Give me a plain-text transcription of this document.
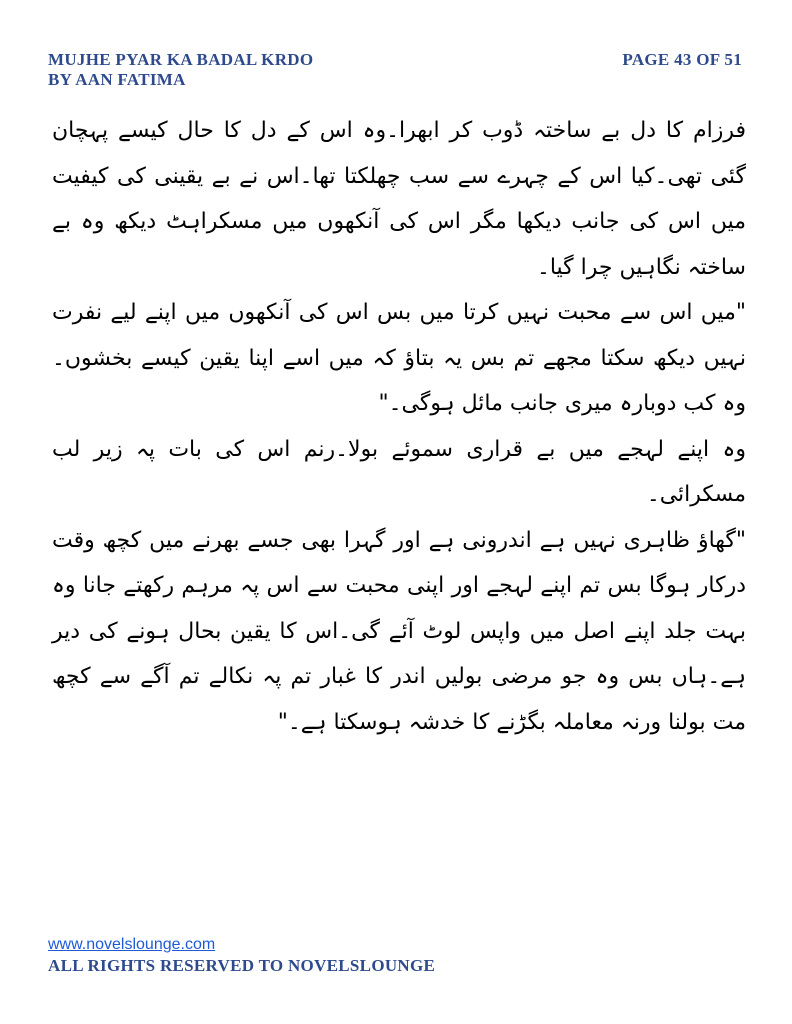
MUJHE PYAR KA BADAL KRDO
BY AAN FATIMA
PAGE 43 OF 51

فرزام کا دل بے ساختہ ڈوب کر ابھرا۔وہ اس کے دل کا حال کیسے پہچان گئی تھی۔کیا اس کے چہرے سے سب چھلکتا تھا۔اس نے بے یقینی کی کیفیت میں اس کی جانب دیکھا مگر اس کی آنکھوں میں مسکراہٹ دیکھ وہ بے ساختہ نگاہیں چرا گیا۔

"میں اس سے محبت نہیں کرتا میں بس اس کی آنکھوں میں اپنے لیے نفرت نہیں دیکھ سکتا مجھے تم بس یہ بتاؤ کہ میں اسے اپنا یقین کیسے بخشوں۔وہ کب دوبارہ میری جانب مائل ہوگی۔"

وہ اپنے لہجے میں بے قراری سموئے بولا۔رنم اس کی بات پہ زیر لب مسکرائی۔

"گھاؤ ظاہری نہیں ہے اندرونی ہے اور گہرا بھی جسے بھرنے میں کچھ وقت درکار ہوگا بس تم اپنے لہجے اور اپنی محبت سے اس پہ مرہم رکھتے جانا وہ بہت جلد اپنے اصل میں واپس لوٹ آئے گی۔اس کا یقین بحال ہونے کی دیر ہے۔ہاں بس وہ جو مرضی بولیں اندر کا غبار تم پہ نکالے تم آگے سے کچھ مت بولنا ورنہ معاملہ بگڑنے کا خدشہ ہوسکتا ہے۔"

www.novelslounge.com
ALL RIGHTS RESERVED TO NOVELSLOUNGE
